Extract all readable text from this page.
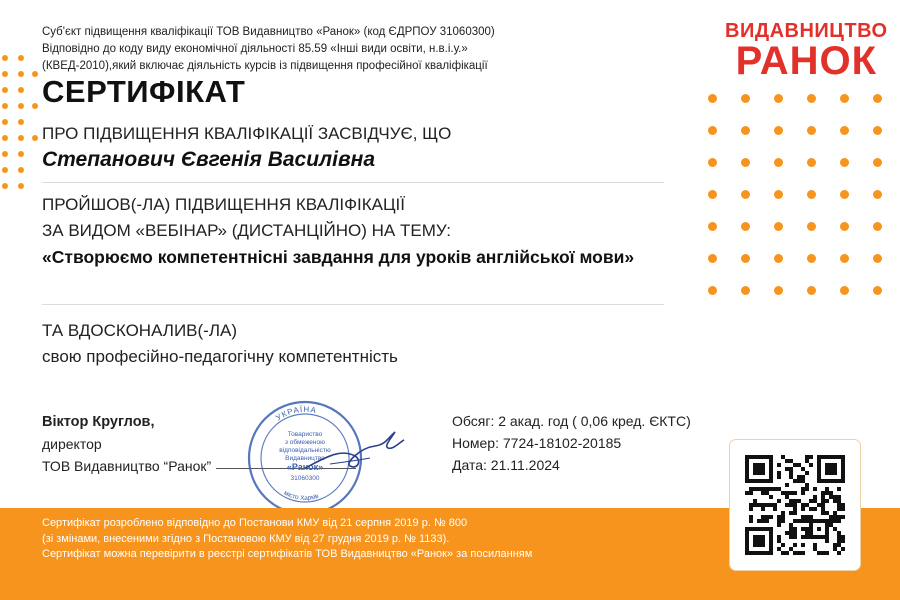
Суб'єкт підвищення кваліфікації ТОВ Видавництво «Ранок» (код ЄДРПОУ 31060300)
Відповідно до коду виду економічної діяльності 85.59 «Інші види освіти, н.в.і.у.»
(КВЕД-2010),який включає діяльність курсів із підвищення професійної кваліфікації
ВИДАВНИЦТВО
РАНОК
СЕРТИФІКАТ
ПРО ПІДВИЩЕННЯ КВАЛІФІКАЦІЇ ЗАСВІДЧУЄ, ЩО
Степанович Євгенія Василівна
ПРОЙШОВ(-ЛА) ПІДВИЩЕННЯ КВАЛІФІКАЦІЇ
ЗА ВИДОМ «ВЕБІНАР» (ДИСТАНЦІЙНО) НА ТЕМУ:
«Створюємо компетентнісні завдання для уроків англійської мови»
ТА ВДОСКОНАЛИВ(-ЛА)
свою професійно-педагогічну компетентність
Віктор Круглов,
директор
ТОВ Видавництво “Ранок”
УКРАЇНА
Товариство
з обмеженою
відповідальністю
Видавництво
«Ранок»
31060300
місто Харків
Обсяг: 2 акад. год ( 0,06 кред. ЄКТС)
Номер: 7724-18102-20185
Дата: 21.11.2024
Сертифікат розроблено відповідно до Постанови КМУ від 21 серпня 2019 р. № 800
(зі змінами, внесеними згідно з Постановою КМУ від 27 грудня 2019 р. № 1133).
Сертифікат можна перевірити в реєстрі сертифікатів ТОВ Видавництво «Ранок» за посиланням
